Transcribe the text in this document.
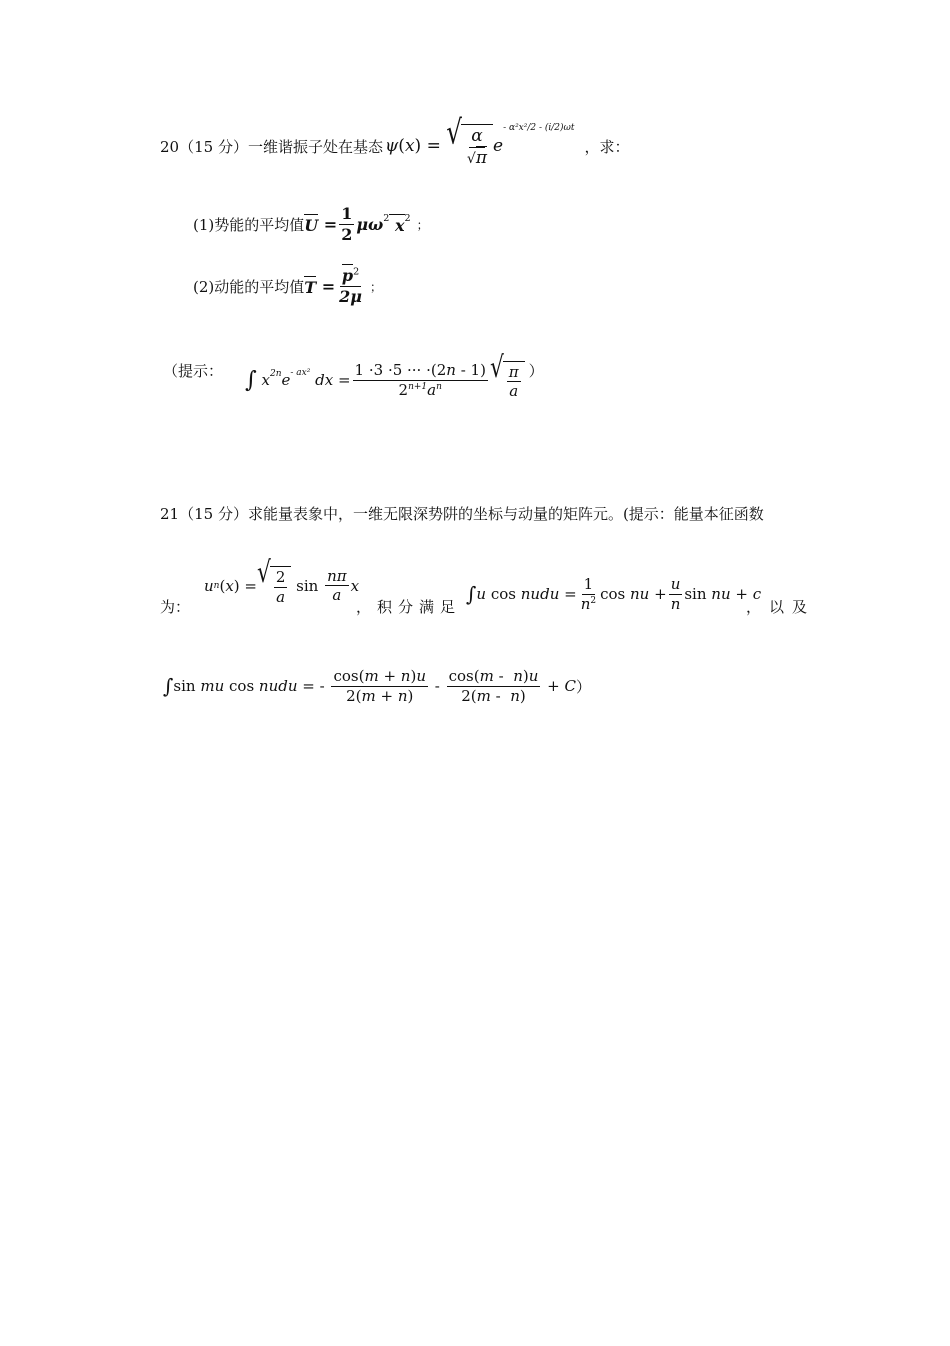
20（15 分）一维谐振子处在基态 ψ ( x ) = √ $\frac{\alpha}{√\pi}$ e
- α²x²/2 - (i/2)ωt
，求：
(1)势能的平均值 $U = \frac{1}{2} \mu\omega^2$ $x^2$ ；
(2)动能的平均值 $T = \frac{p^2}{2\mu}$ ；
（提示： ∫ $x^{2n}$ $e^{- ax^2}$ dx = $\frac{1 \cdot 3 \cdot 5 \cdot\cdot\cdot \cdot(2n - 1)}{2^{n+1}a^n}$ √ $\frac{\pi}{a}$ ）
21（15 分）求能量表象中，一维无限深势阱的坐标与动量的矩阵元。(提示：能量本征函数
为：
u n ( x ) = √ $\frac{2}{a}$ $\sin \frac{n\pi}{a}$ x
，积分满足
∫ u cos nudu = $\frac{1}{n^2}$ cos nu + $\frac{u}{n}$ sin nu + c
，以及
∫ sin mu cos nudu = - $\frac{\cos(m + n)u}{2(m + n)} - \frac{\cos(m - n)u}{2(m - n)} + C$ ）
